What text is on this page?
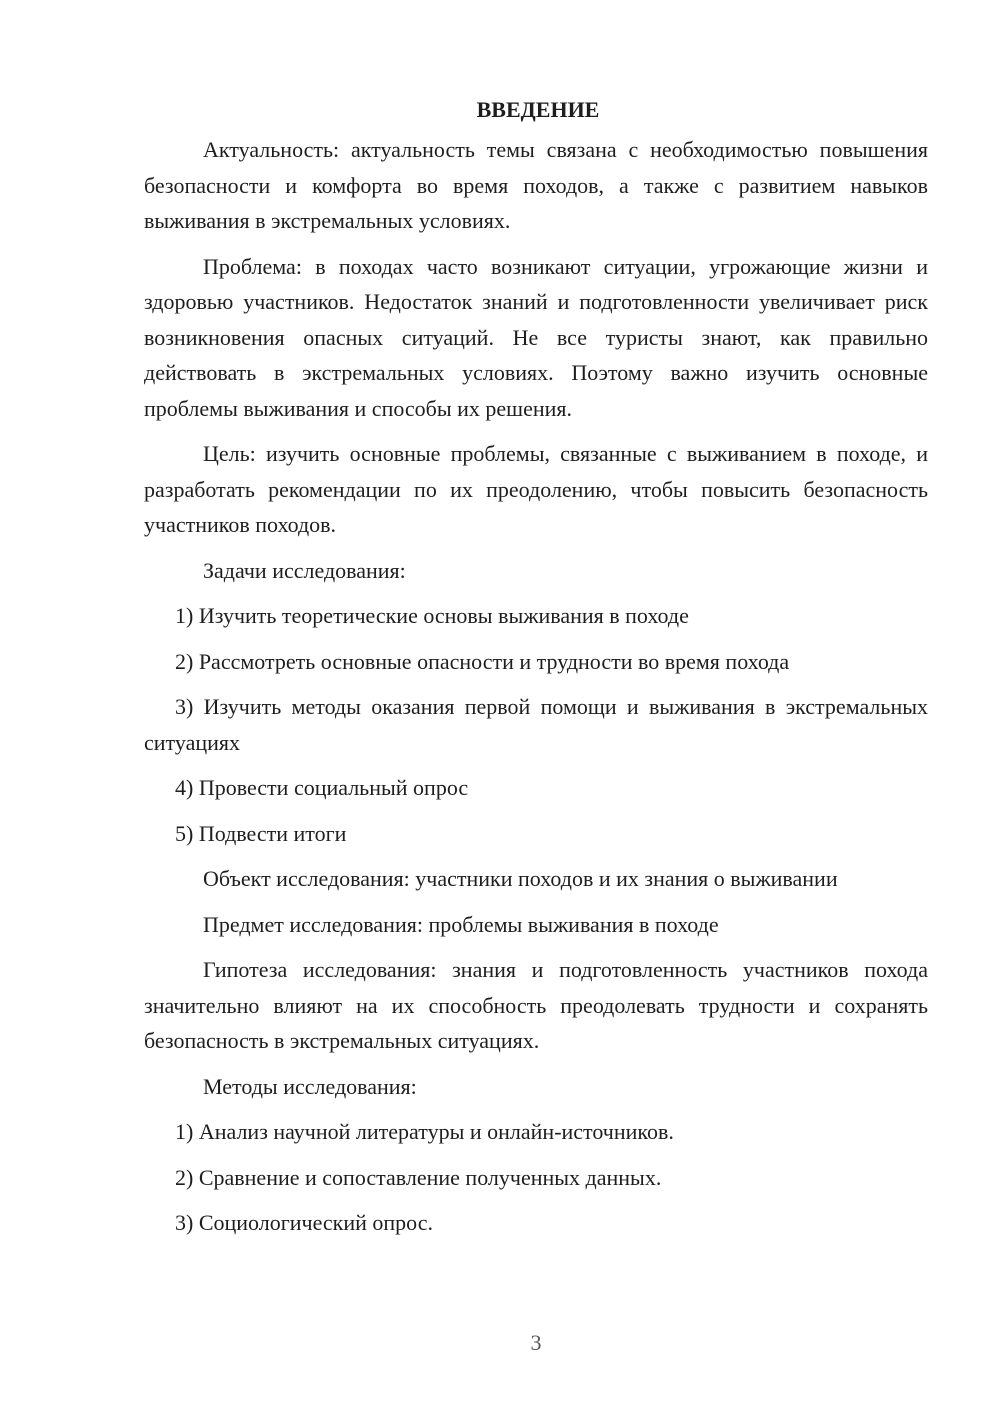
ВВЕДЕНИЕ

Актуальность: актуальность темы связана с необходимостью повышения безопасности и комфорта во время походов, а также с развитием навыков выживания в экстремальных условиях.

Проблема: в походах часто возникают ситуации, угрожающие жизни и здоровью участников. Недостаток знаний и подготовленности увеличивает риск возникновения опасных ситуаций. Не все туристы знают, как правильно действовать в экстремальных условиях. Поэтому важно изучить основные проблемы выживания и способы их решения.

Цель: изучить основные проблемы, связанные с выживанием в походе, и разработать рекомендации по их преодолению, чтобы повысить безопасность участников походов.

Задачи исследования:

1) Изучить теоретические основы выживания в походе

2) Рассмотреть основные опасности и трудности во время похода

3) Изучить методы оказания первой помощи и выживания в экстремальных ситуациях

4) Провести социальный опрос

5) Подвести итоги

Объект исследования: участники походов и их знания о выживании

Предмет исследования: проблемы выживания в походе

Гипотеза исследования: знания и подготовленность участников похода значительно влияют на их способность преодолевать трудности и сохранять безопасность в экстремальных ситуациях.

Методы исследования:

1) Анализ научной литературы и онлайн-источников.

2) Сравнение и сопоставление полученных данных.

3) Социологический опрос.

3
